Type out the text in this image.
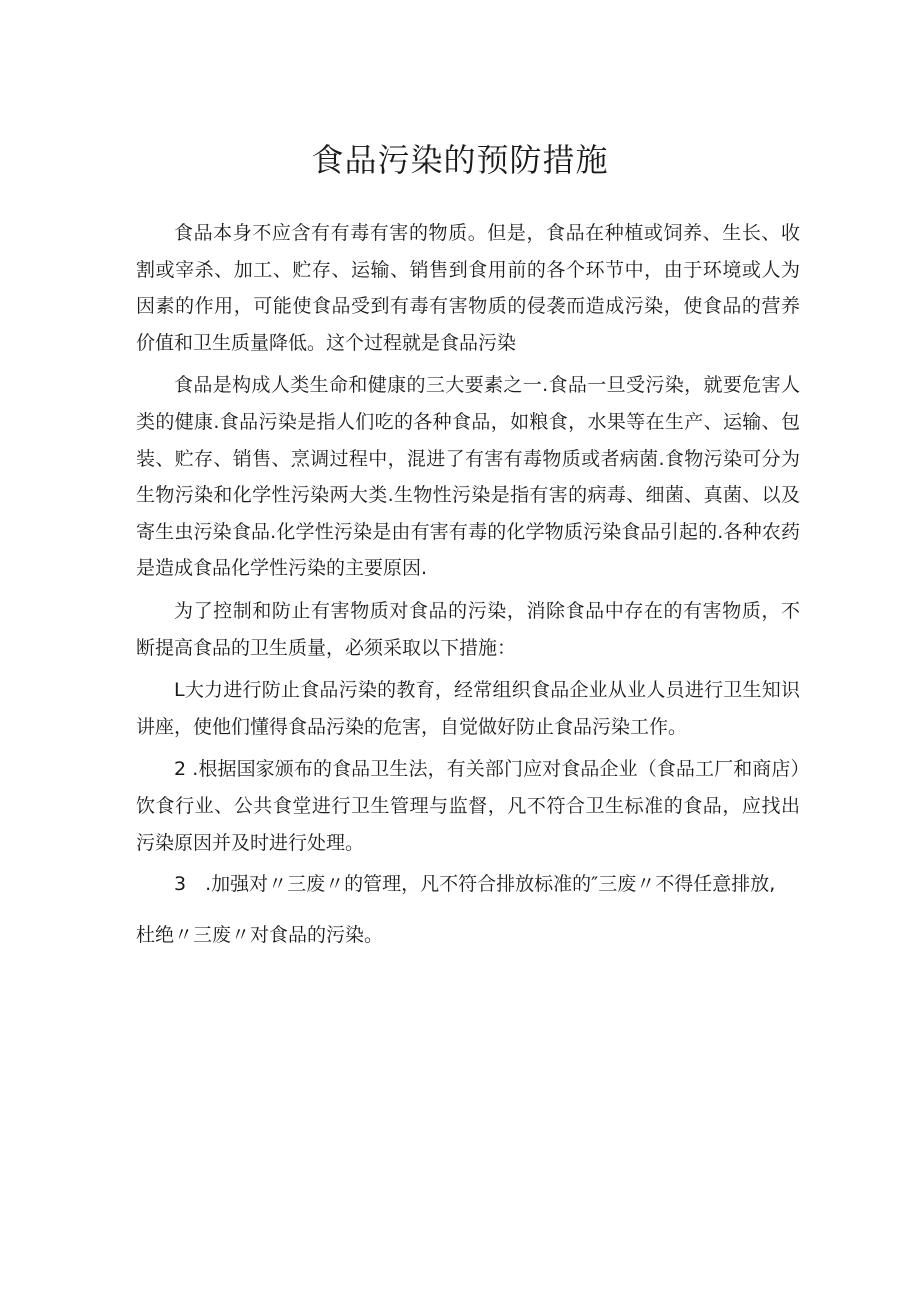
食品污染的预防措施

食品本身不应含有有毒有害的物质。但是，食品在种植或饲养、生长、收割或宰杀、加工、贮存、运输、销售到食用前的各个环节中，由于环境或人为因素的作用，可能使食品受到有毒有害物质的侵袭而造成污染，使食品的营养价值和卫生质量降低。这个过程就是食品污染

食品是构成人类生命和健康的三大要素之一.食品一旦受污染，就要危害人类的健康.食品污染是指人们吃的各种食品，如粮食，水果等在生产、运输、包装、贮存、销售、烹调过程中，混进了有害有毒物质或者病菌.食物污染可分为生物污染和化学性污染两大类.生物性污染是指有害的病毒、细菌、真菌、以及寄生虫污染食品.化学性污染是由有害有毒的化学物质污染食品引起的.各种农药是造成食品化学性污染的主要原因.

为了控制和防止有害物质对食品的污染，消除食品中存在的有害物质，不断提高食品的卫生质量，必须采取以下措施：

L大力进行防止食品污染的教育，经常组织食品企业从业人员进行卫生知识讲座，使他们懂得食品污染的危害，自觉做好防止食品污染工作。

2 .根据国家颁布的食品卫生法，有关部门应对食品企业（食品工厂和商店）饮食行业、公共食堂进行卫生管理与监督，凡不符合卫生标准的食品，应找出污染原因并及时进行处理。

3　.加强对〃三废〃的管理，凡不符合排放标准的″三废〃不得任意排放,

杜绝〃三废〃对食品的污染。
